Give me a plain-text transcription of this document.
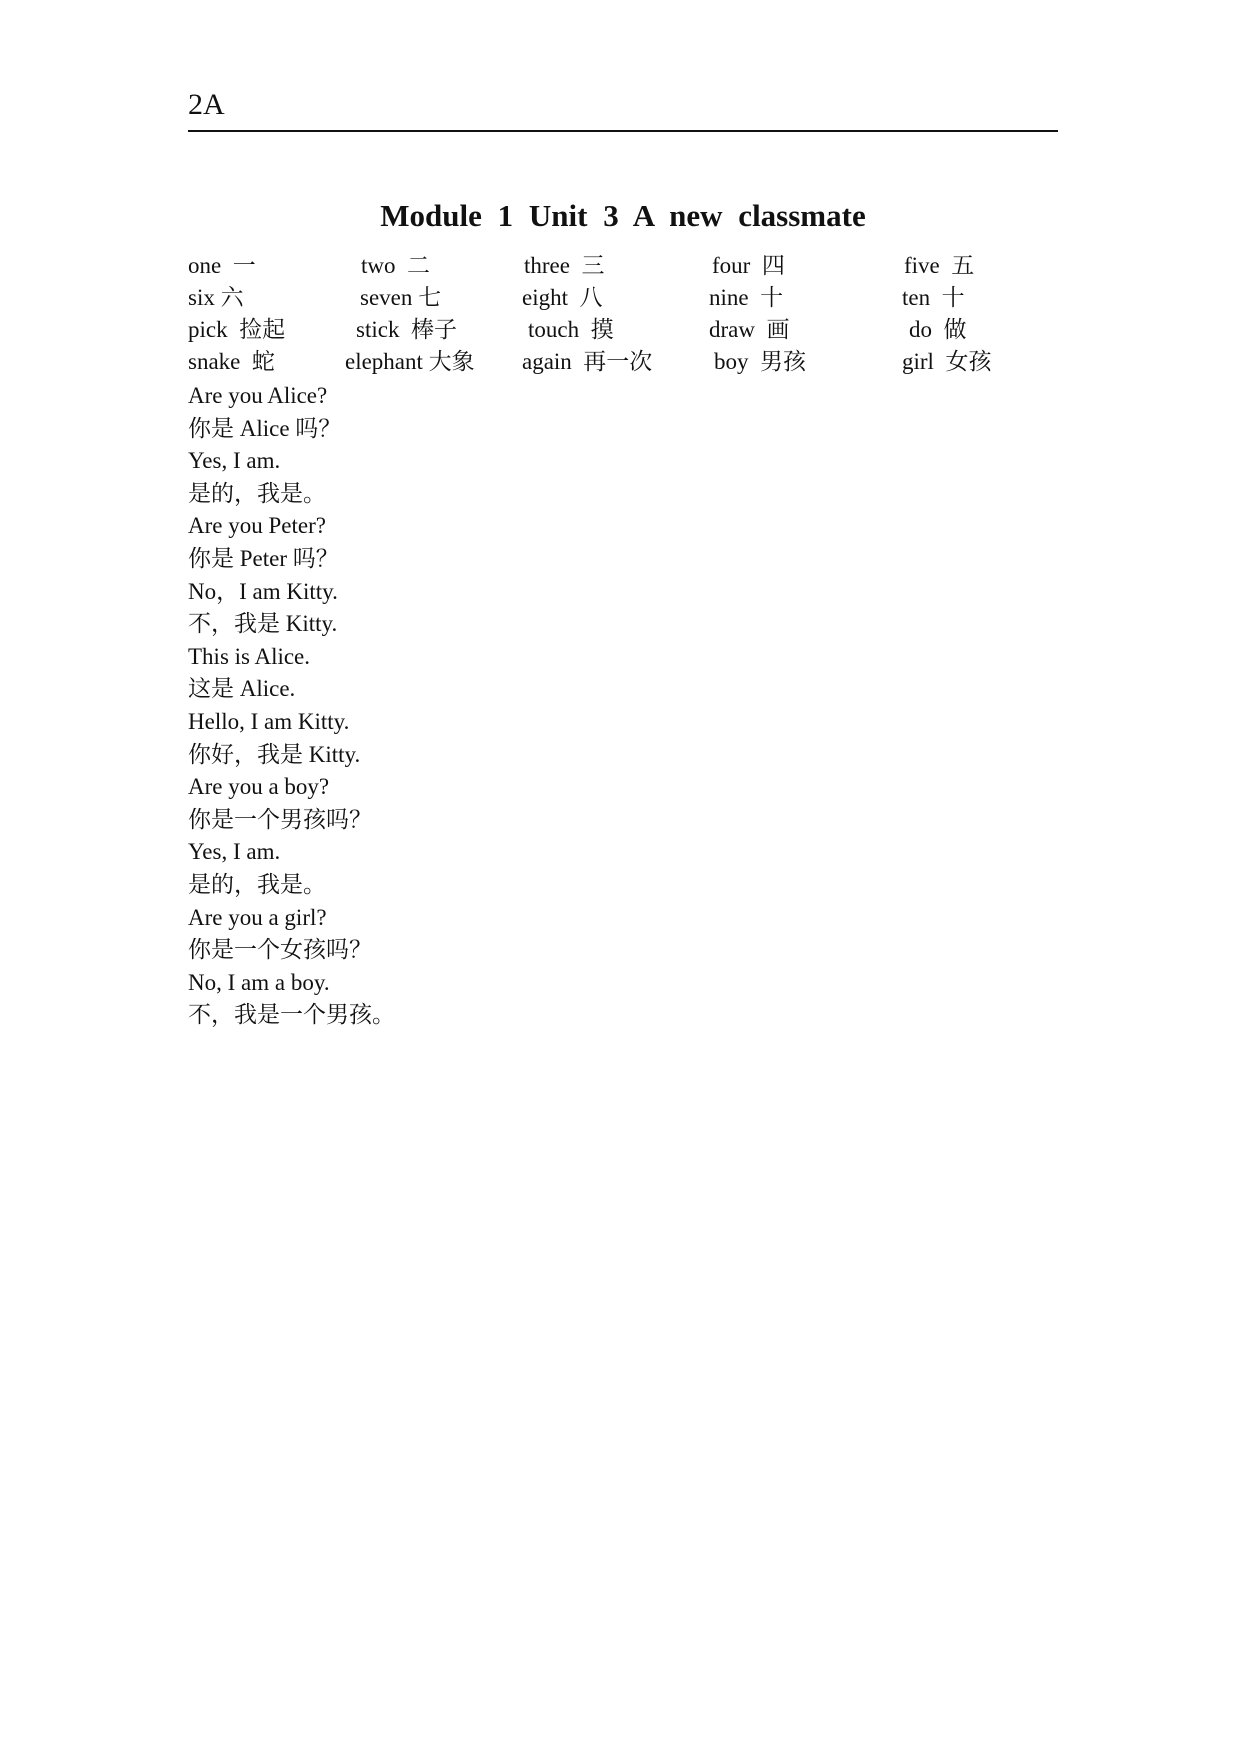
2A
Module 1 Unit 3 A new classmate
one  一	two  二	three  三	four  四	five  五
six 六	seven 七	eight  八	nine  十	ten  十
pick  捡起	stick  棒子	touch  摸	draw  画	do  做
snake  蛇	elephant 大象 again  再一次	boy  男孩	girl  女孩
Are you Alice?
你是 Alice 吗？
Yes, I am.
是的，我是。
Are you Peter?
你是 Peter 吗？
No，I am Kitty.
不，我是 Kitty.
This is Alice.
这是 Alice.
Hello, I am Kitty.
你好，我是 Kitty.
Are you a boy?
你是一个男孩吗？
Yes, I am.
是的，我是。
Are you a girl?
你是一个女孩吗？
No, I am a boy.
不，我是一个男孩。
